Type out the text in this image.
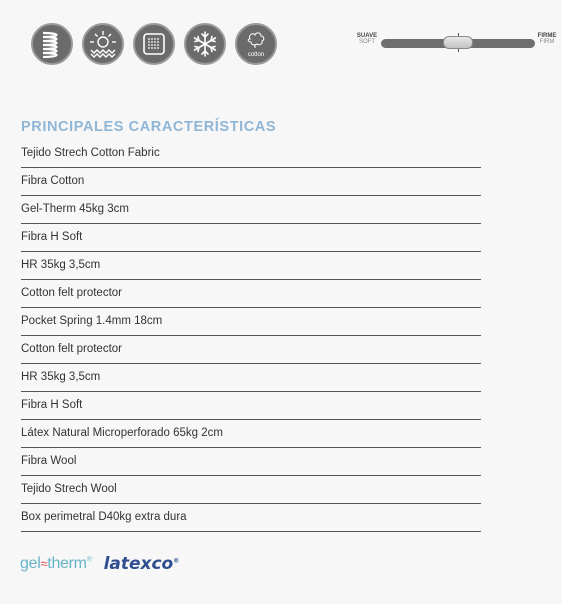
cotton
SUAVE
SOFT
FIRME
FIRM
PRINCIPALES CARACTERÍSTICAS
Tejido Strech Cotton Fabric
Fibra Cotton
Gel-Therm 45kg 3cm
Fibra H Soft
HR 35kg 3,5cm
Cotton felt protector
Pocket Spring 1.4mm 18cm
Cotton felt protector
HR 35kg 3,5cm
Fibra H Soft
Látex Natural Microperforado 65kg 2cm
Fibra Wool
Tejido Strech Wool
Box perimetral D40kg extra dura
gel≈therm® latexco®
